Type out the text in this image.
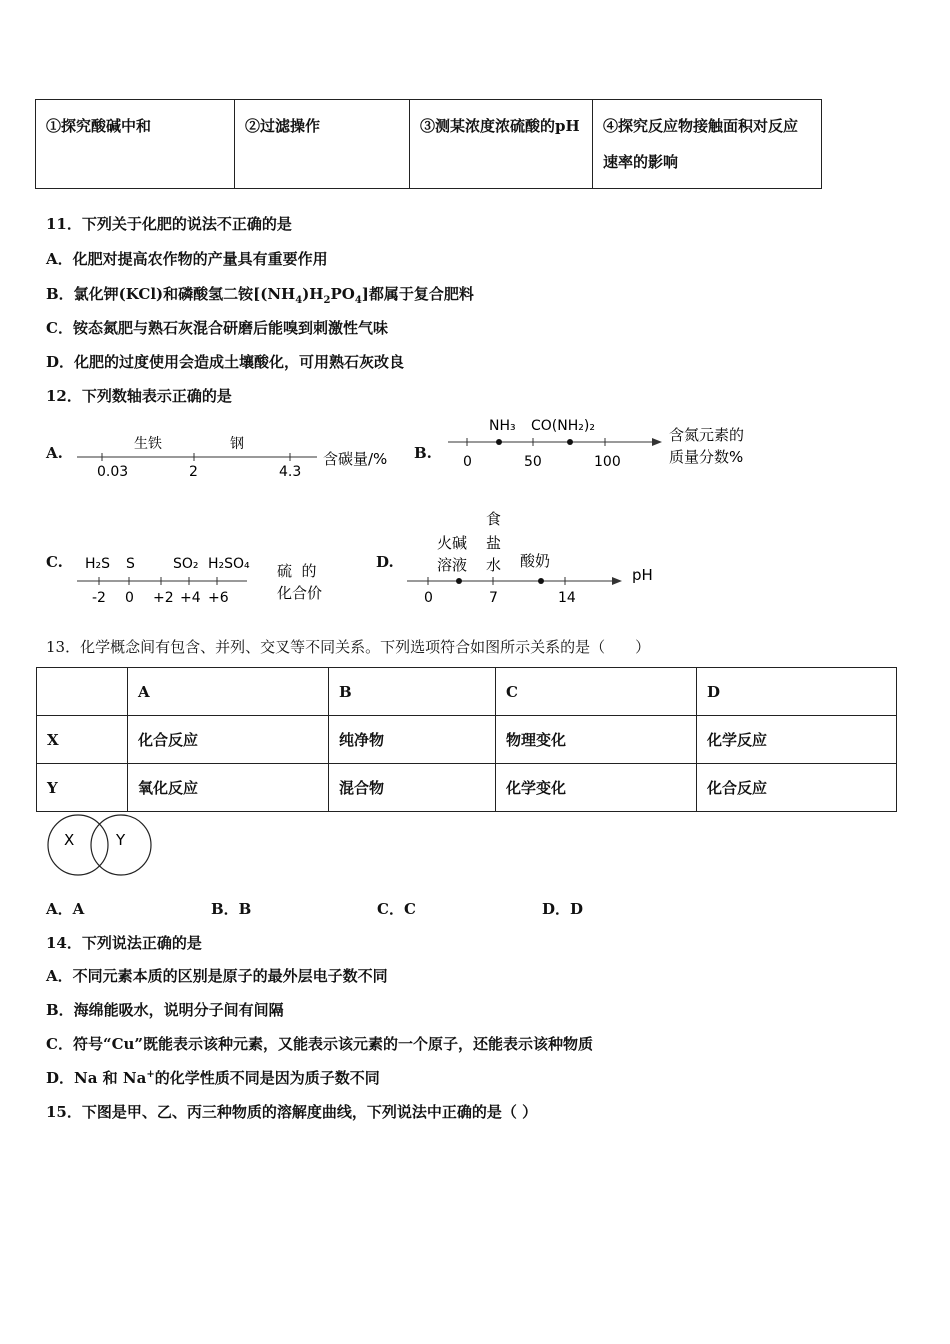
①探究酸碱中和	②过滤操作	③测某浓度浓硫酸的pH	④探究反应物接触面积对反应速率的影响
11．下列关于化肥的说法不正确的是
A．化肥对提高农作物的产量具有重要作用
B．氯化钾(KCl)和磷酸氢二铵$[(NH_4)H_2PO_4]$都属于复合肥料
C．铵态氮肥与熟石灰混合研磨后能嗅到刺激性气味
D．化肥的过度使用会造成土壤酸化，可用熟石灰改良
12．下列数轴表示正确的是
A.	生铁	钢
0.03	2	4.3
含碳量/% B.
NH₃ CO(NH₂)₂
0	50	100
含氮元素的
质量分数%
C. H₂S S	SO₂ H₂SO₄
-2 0 +2 +4 +6
硫  的
化合价
D.
食
火碱 盐
酸奶
溶液 水
0	7	14
pH
13．化学概念间有包含、并列、交叉等不同关系。下列选项符合如图所示关系的是（　　）
	A	B	C	D
X	化合反应	纯净物	物理变化	化学反应
Y	氧化反应	混合物	化学变化	化合反应
X	Y
A．A	B．B	C．C	D．D
14．下列说法正确的是
A．不同元素本质的区别是原子的最外层电子数不同
B．海绵能吸水，说明分子间有间隔
C．符号“Cu”既能表示该种元素，又能表示该元素的一个原子，还能表示该种物质
D．Na 和 Na+的化学性质不同是因为质子数不同
15．下图是甲、乙、丙三种物质的溶解度曲线，下列说法中正确的是（ ）
